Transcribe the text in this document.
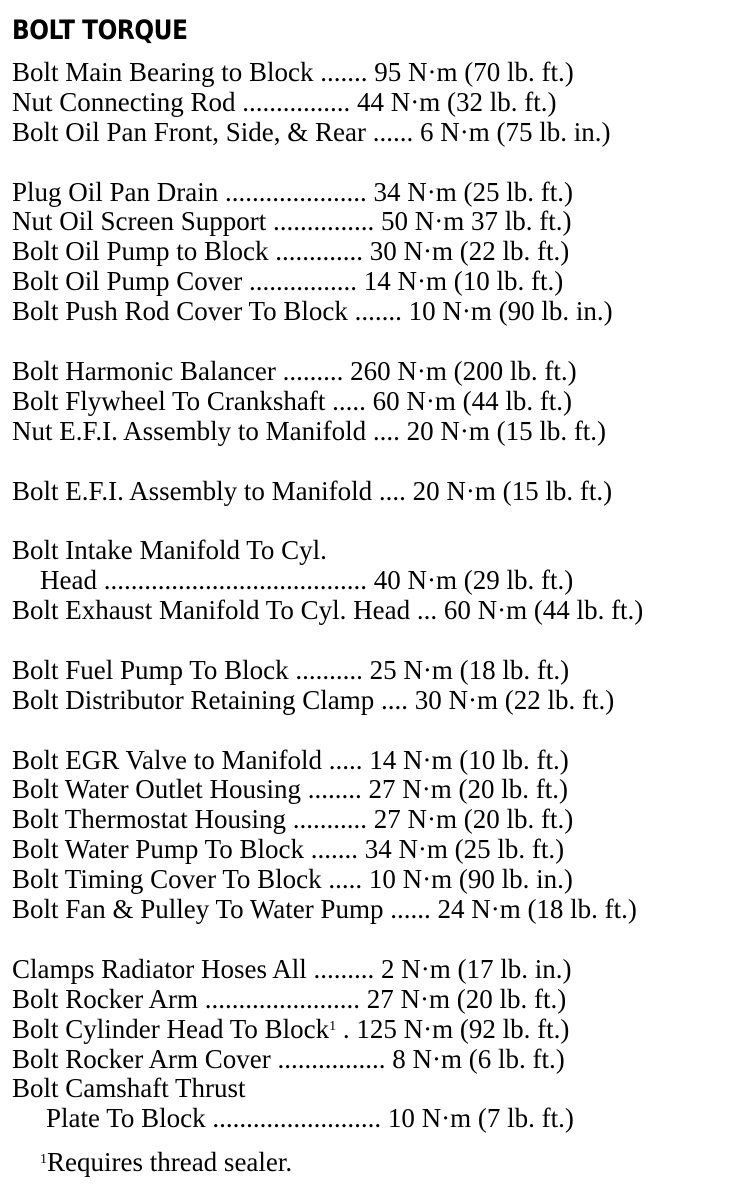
BOLT TORQUE
Bolt Main Bearing to Block ....... 95 N·m (70 lb. ft.)
Nut Connecting Rod ................ 44 N·m (32 lb. ft.)
Bolt Oil Pan Front, Side, & Rear ...... 6 N·m (75 lb. in.)
Plug Oil Pan Drain ..................... 34 N·m (25 lb. ft.)
Nut Oil Screen Support ............... 50 N·m 37 lb. ft.)
Bolt Oil Pump to Block ............. 30 N·m (22 lb. ft.)
Bolt Oil Pump Cover ................ 14 N·m (10 lb. ft.)
Bolt Push Rod Cover To Block ....... 10 N·m (90 lb. in.)
Bolt Harmonic Balancer ......... 260 N·m (200 lb. ft.)
Bolt Flywheel To Crankshaft ..... 60 N·m (44 lb. ft.)
Nut E.F.I. Assembly to Manifold .... 20 N·m (15 lb. ft.)
Bolt E.F.I. Assembly to Manifold .... 20 N·m (15 lb. ft.)
Bolt Intake Manifold To Cyl.
Head ....................................... 40 N·m (29 lb. ft.)
Bolt Exhaust Manifold To Cyl. Head ... 60 N·m (44 lb. ft.)
Bolt Fuel Pump To Block .......... 25 N·m (18 lb. ft.)
Bolt Distributor Retaining Clamp .... 30 N·m (22 lb. ft.)
Bolt EGR Valve to Manifold ..... 14 N·m (10 lb. ft.)
Bolt Water Outlet Housing ........ 27 N·m (20 lb. ft.)
Bolt Thermostat Housing ........... 27 N·m (20 lb. ft.)
Bolt Water Pump To Block ....... 34 N·m (25 lb. ft.)
Bolt Timing Cover To Block ..... 10 N·m (90 lb. in.)
Bolt Fan & Pulley To Water Pump ...... 24 N·m (18 lb. ft.)
Clamps Radiator Hoses All ......... 2 N·m (17 lb. in.)
Bolt Rocker Arm ....................... 27 N·m (20 lb. ft.)
Bolt Cylinder Head To Block$^1$ . 125 N·m (92 lb. ft.)
Bolt Rocker Arm Cover ................ 8 N·m (6 lb. ft.)
Bolt Camshaft Thrust
Plate To Block ......................... 10 N·m (7 lb. ft.)
$^1$Requires thread sealer.
